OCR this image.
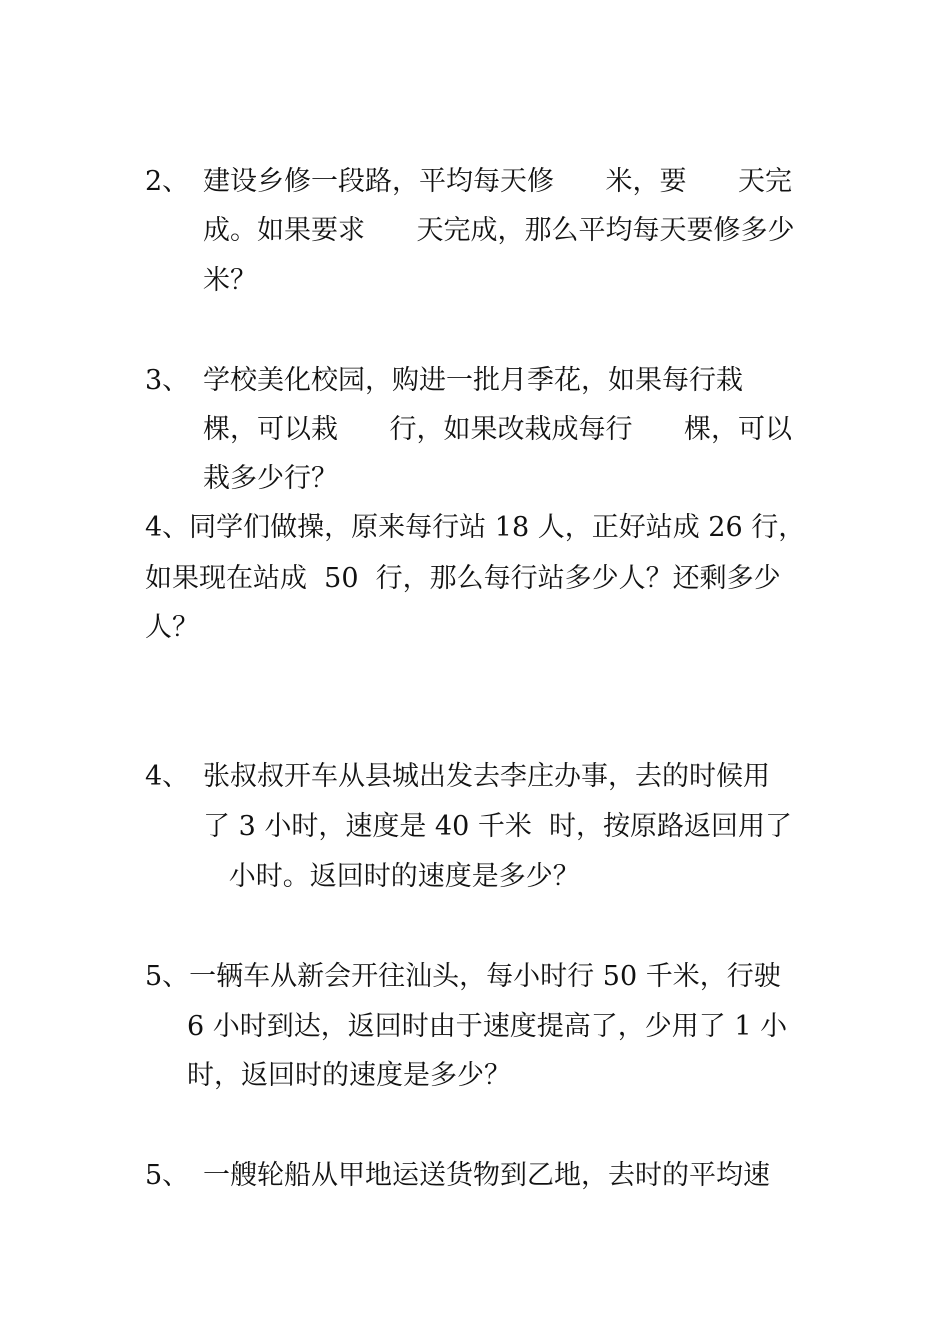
2、 建设乡修一段路，平均每天修      米，要      天完
成。如果要求      天完成，那么平均每天要修多少
米？
3、 学校美化校园，购进一批月季花，如果每行栽
棵，可以栽      行，如果改栽成每行      棵，可以
栽多少行？
4、同学们做操，原来每行站 18 人，正好站成 26 行，
如果现在站成  50  行，那么每行站多少人？还剩多少
人？
4、 张叔叔开车从县城出发去李庄办事，去的时候用
了 3 小时，速度是 40 千米  时，按原路返回用了
小时。返回时的速度是多少？
5、一辆车从新会开往汕头，每小时行 50 千米，行驶
6 小时到达，返回时由于速度提高了，少用了 1 小
时，返回时的速度是多少？
5、 一艘轮船从甲地运送货物到乙地，去时的平均速
